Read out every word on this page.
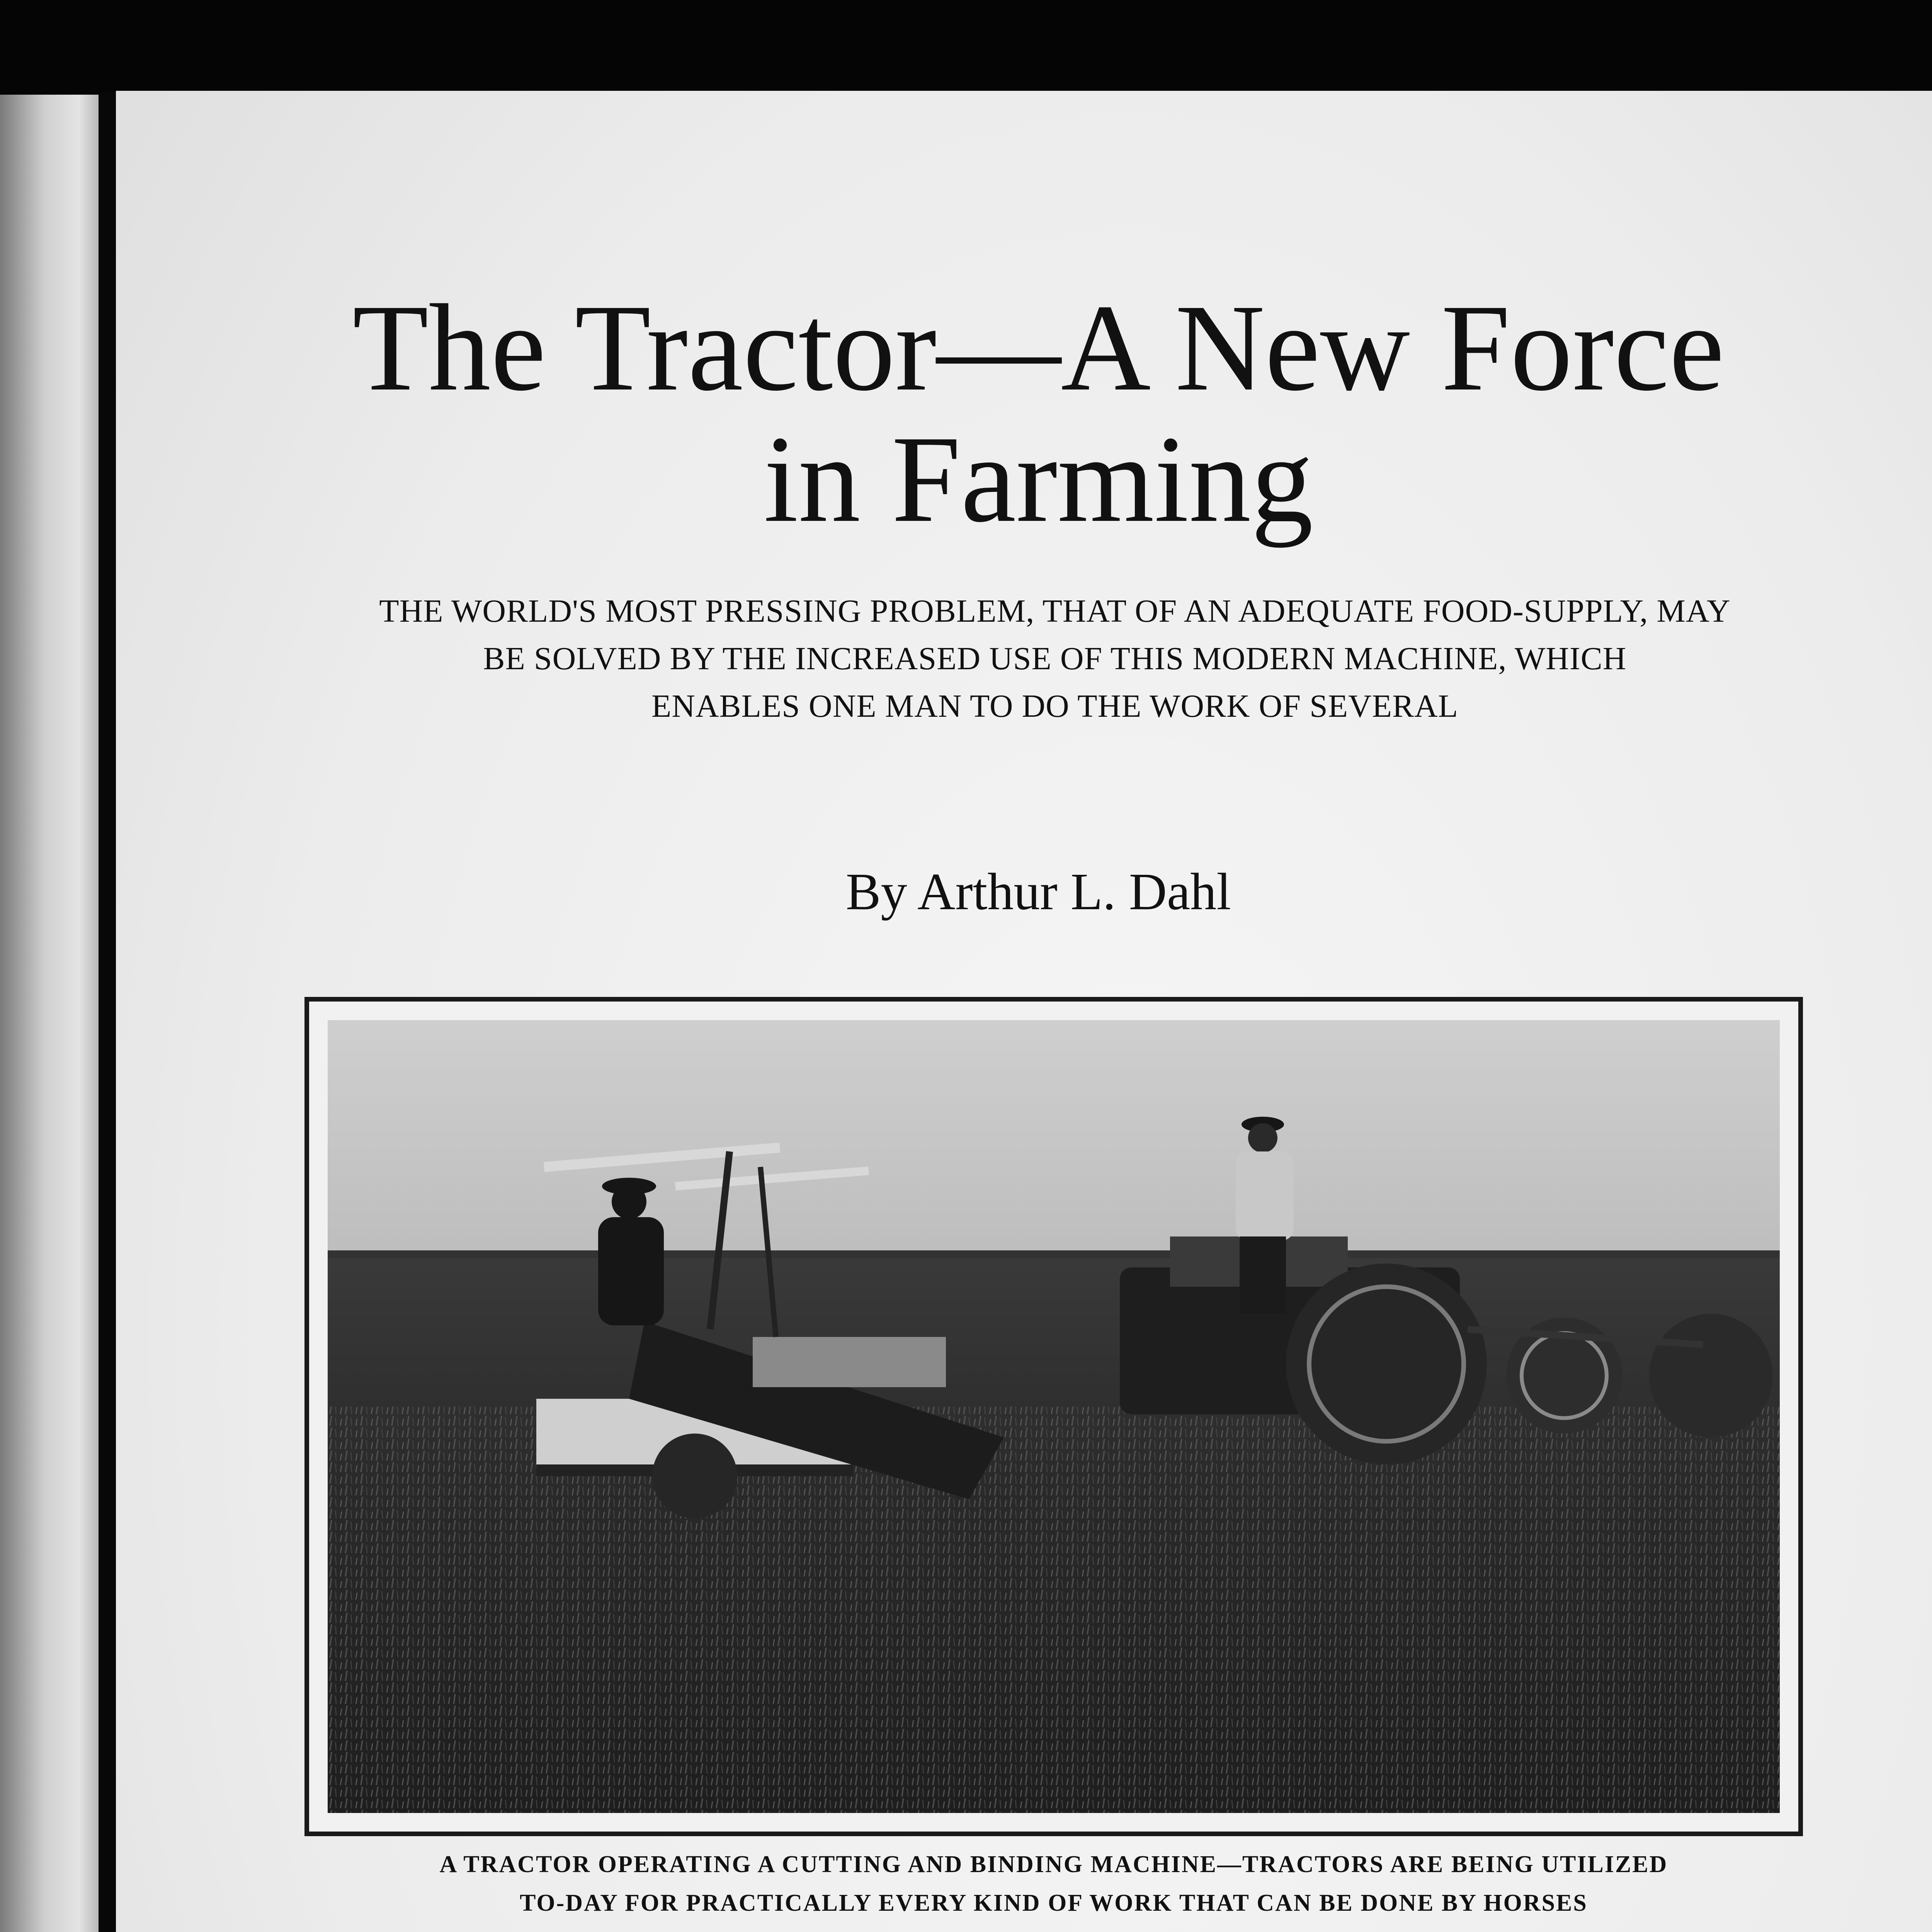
The Tractor—A New Force
in Farming
THE WORLD'S MOST PRESSING PROBLEM, THAT OF AN ADEQUATE FOOD-SUPPLY, MAY
BE SOLVED BY THE INCREASED USE OF THIS MODERN MACHINE, WHICH
ENABLES ONE MAN TO DO THE WORK OF SEVERAL
By Arthur L. Dahl
A TRACTOR OPERATING A CUTTING AND BINDING MACHINE—TRACTORS ARE BEING UTILIZED
TO-DAY FOR PRACTICALLY EVERY KIND OF WORK THAT CAN BE DONE BY HORSES
